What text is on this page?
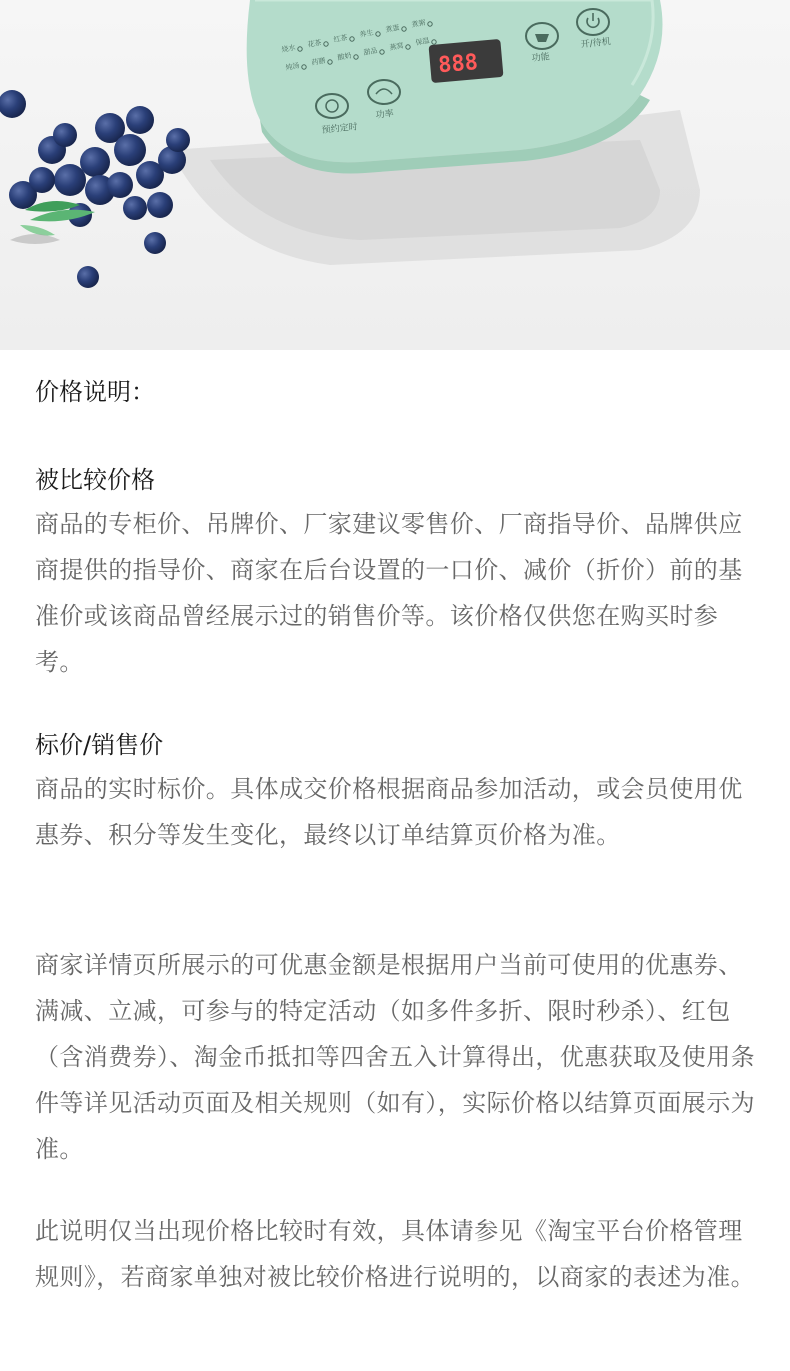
888
预约定时
功率
功能
开/待机
烧水 花茶 红茶 养生 煮蛋 煮粥
炖汤 药膳 酸奶 甜品 燕窝 保温

价格说明：

被比较价格

商品的专柜价、吊牌价、厂家建议零售价、厂商指导价、品牌供应商提供的指导价、商家在后台设置的一口价、减价（折价）前的基准价或该商品曾经展示过的销售价等。该价格仅供您在购买时参考。

标价/销售价

商品的实时标价。具体成交价格根据商品参加活动，或会员使用优惠券、积分等发生变化，最终以订单结算页价格为准。

商家详情页所展示的可优惠金额是根据用户当前可使用的优惠券、满减、立减，可参与的特定活动（如多件多折、限时秒杀）、红包（含消费券）、淘金币抵扣等四舍五入计算得出，优惠获取及使用条件等详见活动页面及相关规则（如有），实际价格以结算页面展示为准。

此说明仅当出现价格比较时有效，具体请参见《淘宝平台价格管理规则》，若商家单独对被比较价格进行说明的，以商家的表述为准。
